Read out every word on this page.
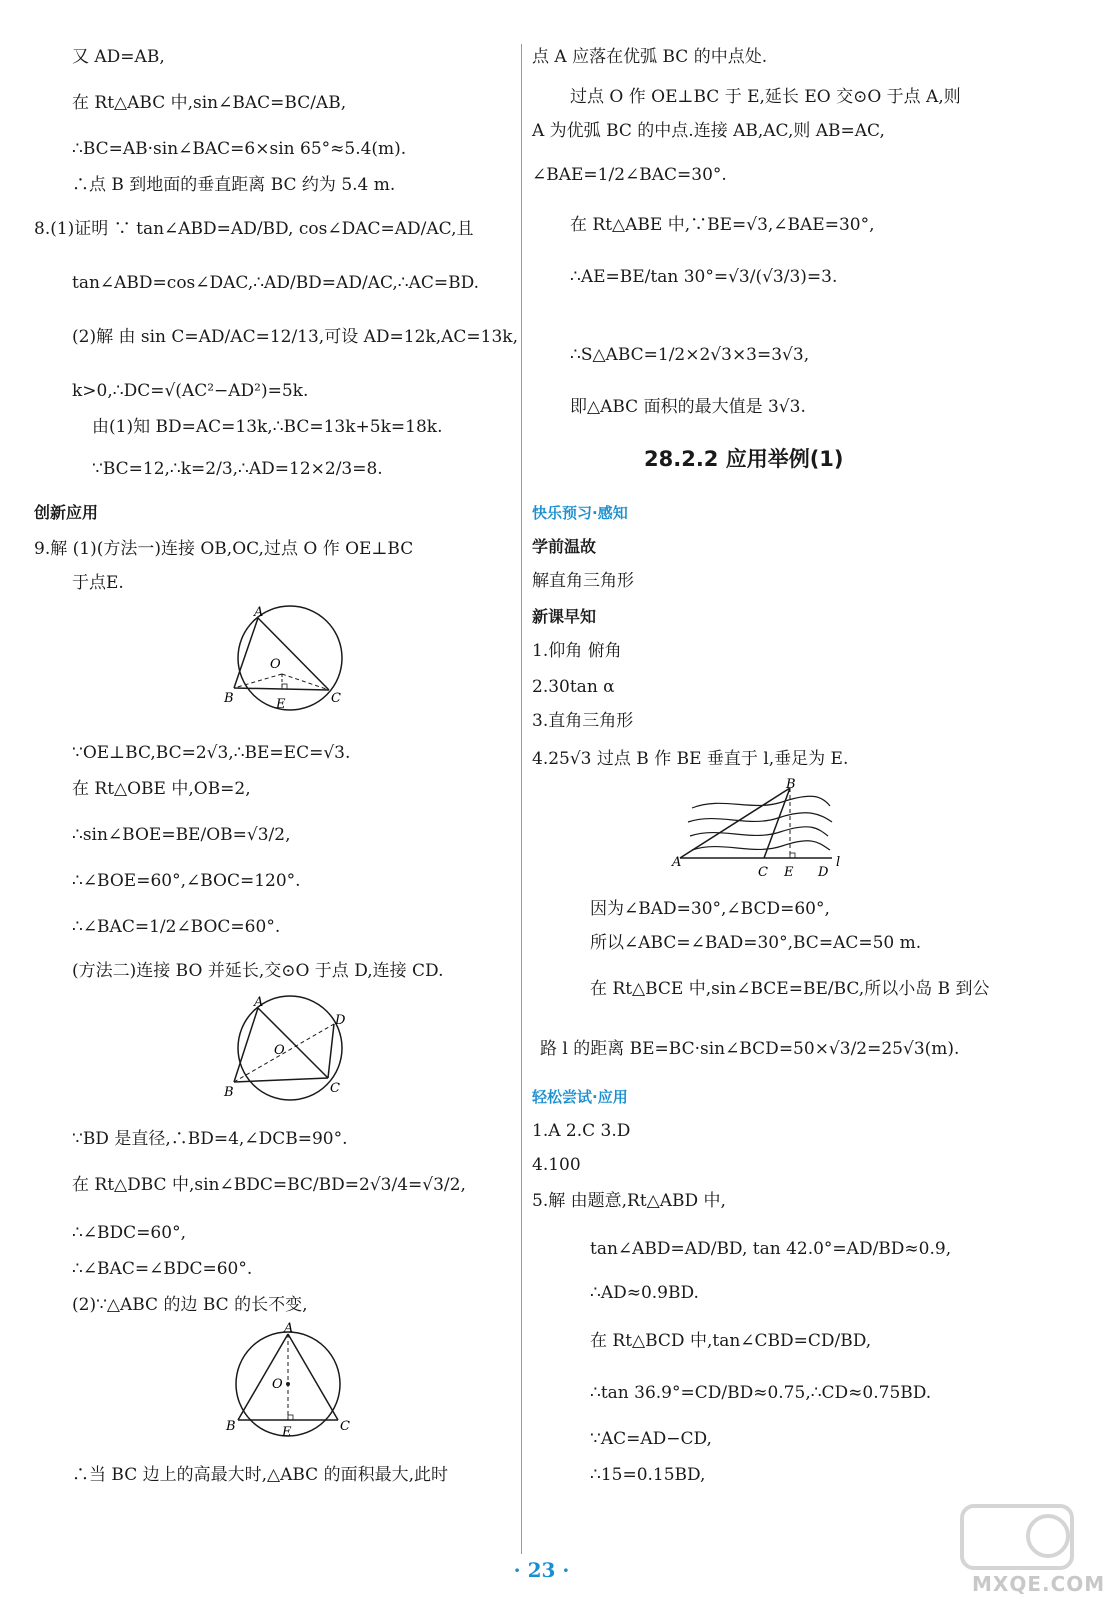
又 AD=AB,
在 Rt△ABC 中,sin∠BAC=BC/AB,
∴BC=AB·sin∠BAC=6×sin 65°≈5.4(m).
∴点 B 到地面的垂直距离 BC 约为 5.4 m.
8.(1)证明 ∵ tan∠ABD=AD/BD, cos∠DAC=AD/AC,且
tan∠ABD=cos∠DAC,∴AD/BD=AD/AC,∴AC=BD.
(2)解 由 sin C=AD/AC=12/13,可设 AD=12k,AC=13k,
k>0,∴DC=√(AC²−AD²)=5k.
由(1)知 BD=AC=13k,∴BC=13k+5k=18k.
∵BC=12,∴k=2/3,∴AD=12×2/3=8.
创新应用
9.解 (1)(方法一)连接 OB,OC,过点 O 作 OE⊥BC
于点E.
A
O
B	E	C
∵OE⊥BC,BC=2√3,∴BE=EC=√3.
在 Rt△OBE 中,OB=2,
∴sin∠BOE=BE/OB=√3/2,
∴∠BOE=60°,∠BOC=120°.
∴∠BAC=1/2∠BOC=60°.
(方法二)连接 BO 并延长,交⊙O 于点 D,连接 CD.
A
D
O
B	C
∵BD 是直径,∴BD=4,∠DCB=90°.
在 Rt△DBC 中,sin∠BDC=BC/BD=2√3/4=√3/2,
∴∠BDC=60°,
∴∠BAC=∠BDC=60°.
(2)∵△ABC 的边 BC 的长不变,
A
O
B	E	C
∴当 BC 边上的高最大时,△ABC 的面积最大,此时
点 A 应落在优弧 BC 的中点处.
过点 O 作 OE⊥BC 于 E,延长 EO 交⊙O 于点 A,则
A 为优弧 BC 的中点.连接 AB,AC,则 AB=AC,
∠BAE=1/2∠BAC=30°.
在 Rt△ABE 中,∵BE=√3,∠BAE=30°,
∴AE=BE/tan 30°=√3/(√3/3)=3.
∴S△ABC=1/2×2√3×3=3√3,
即△ABC 面积的最大值是 3√3.
28.2.2 应用举例(1)
快乐预习·感知
学前温故
解直角三角形
新课早知
1.仰角 俯角
2.30tan α
3.直角三角形
4.25√3 过点 B 作 BE 垂直于 l,垂足为 E.
B
A
C E D
l
因为∠BAD=30°,∠BCD=60°,
所以∠ABC=∠BAD=30°,BC=AC=50 m.
在 Rt△BCE 中,sin∠BCE=BE/BC,所以小岛 B 到公
路 l 的距离 BE=BC·sin∠BCD=50×√3/2=25√3(m).
轻松尝试·应用
1.A 2.C 3.D
4.100
5.解 由题意,Rt△ABD 中,
tan∠ABD=AD/BD, tan 42.0°=AD/BD≈0.9,
∴AD≈0.9BD.
在 Rt△BCD 中,tan∠CBD=CD/BD,
∴tan 36.9°=CD/BD≈0.75,∴CD≈0.75BD.
∵AC=AD−CD,
∴15=0.15BD,
· 23 ·
MXQE.COM
